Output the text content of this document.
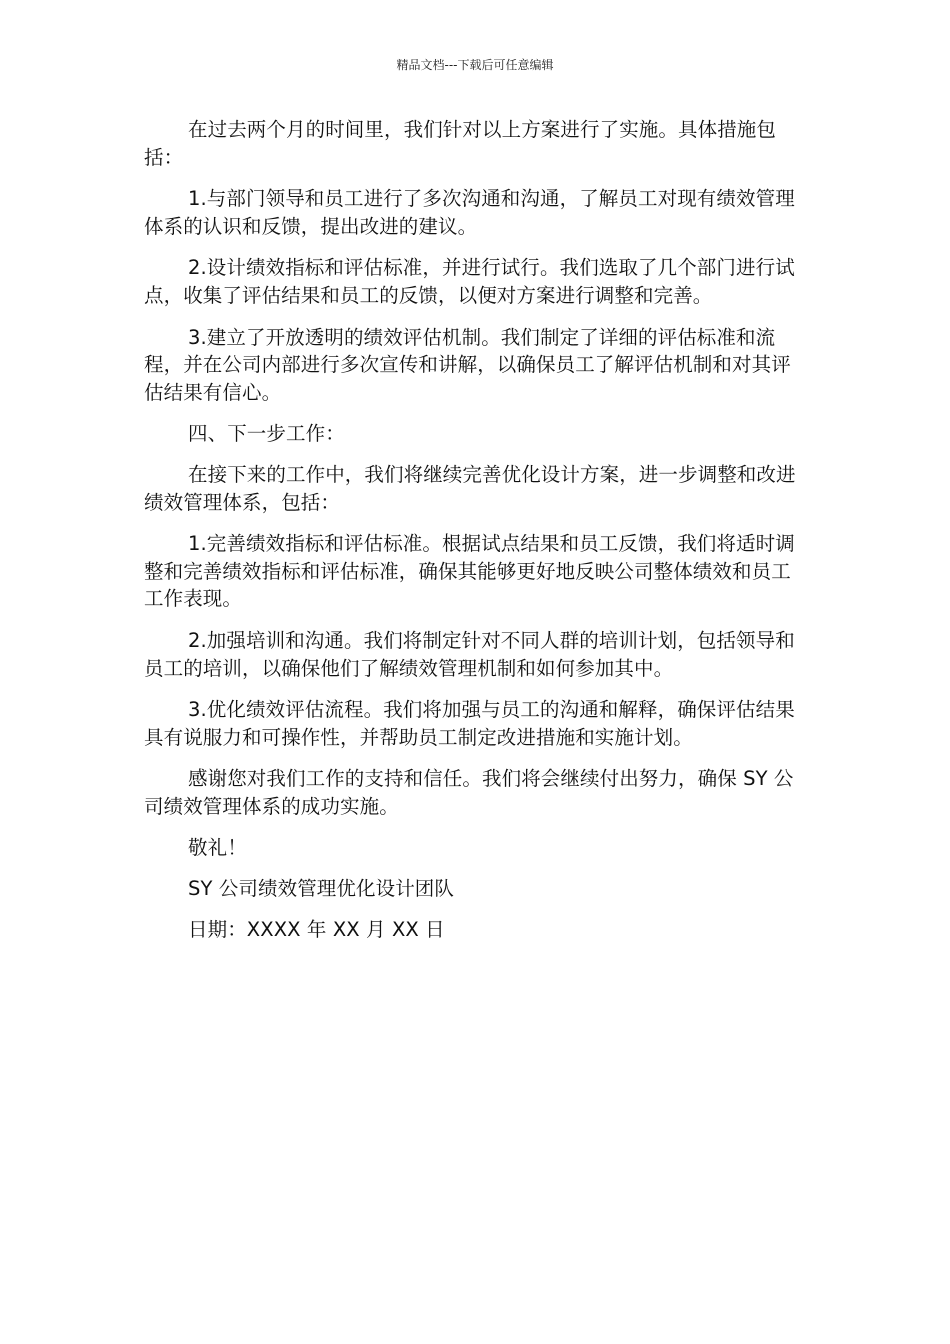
精品文档---下载后可任意编辑

在过去两个月的时间里，我们针对以上方案进行了实施。具体措施包括：

1.与部门领导和员工进行了多次沟通和沟通，了解员工对现有绩效管理体系的认识和反馈，提出改进的建议。

2.设计绩效指标和评估标准，并进行试行。我们选取了几个部门进行试点，收集了评估结果和员工的反馈，以便对方案进行调整和完善。

3.建立了开放透明的绩效评估机制。我们制定了详细的评估标准和流程，并在公司内部进行多次宣传和讲解，以确保员工了解评估机制和对其评估结果有信心。

四、下一步工作：

在接下来的工作中，我们将继续完善优化设计方案，进一步调整和改进绩效管理体系，包括：

1.完善绩效指标和评估标准。根据试点结果和员工反馈，我们将适时调整和完善绩效指标和评估标准，确保其能够更好地反映公司整体绩效和员工工作表现。

2.加强培训和沟通。我们将制定针对不同人群的培训计划，包括领导和员工的培训，以确保他们了解绩效管理机制和如何参加其中。

3.优化绩效评估流程。我们将加强与员工的沟通和解释，确保评估结果具有说服力和可操作性，并帮助员工制定改进措施和实施计划。

感谢您对我们工作的支持和信任。我们将会继续付出努力，确保 SY 公司绩效管理体系的成功实施。

敬礼！

SY 公司绩效管理优化设计团队

日期：XXXX 年 XX 月 XX 日
